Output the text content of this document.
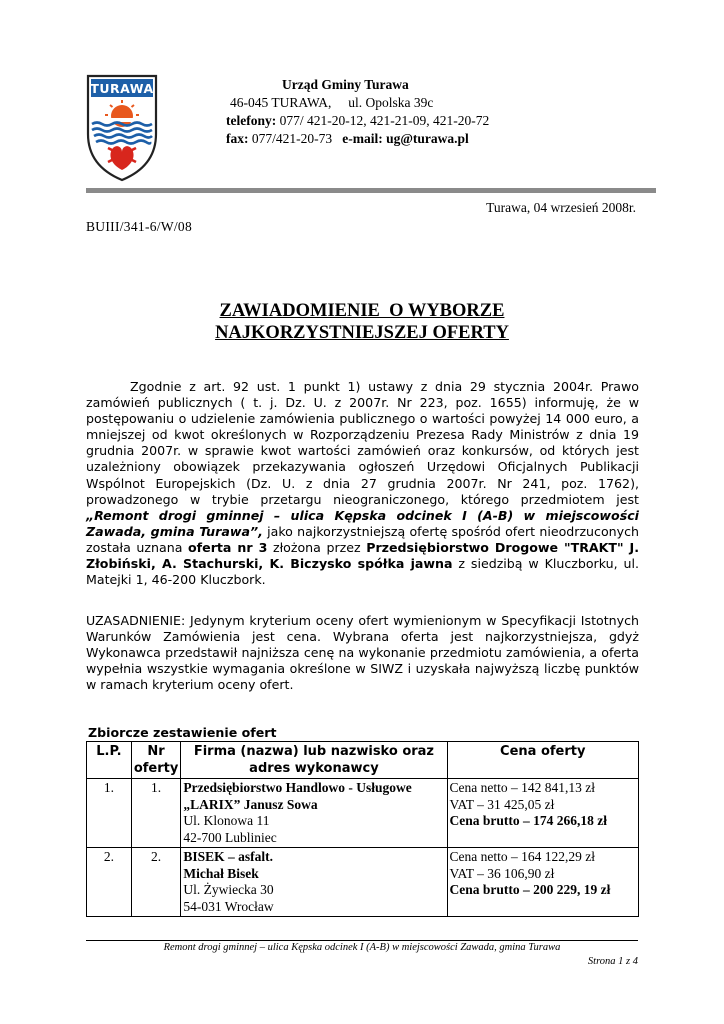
TURAWA	Urząd Gminy Turawa
46-045 TURAWA,     ul. Opolska 39c
telefony: 077/ 421-20-12, 421-21-09, 421-20-72
fax: 077/421-20-73   e-mail: ug@turawa.pl
Turawa, 04 wrzesień 2008r.
BUIII/341-6/W/08
ZAWIADOMIENIE  O WYBORZE
NAJKORZYSTNIEJSZEJ OFERTY
Zgodnie z art. 92 ust. 1 punkt 1) ustawy z dnia 29 stycznia 2004r. Prawo zamówień publicznych ( t. j. Dz. U. z 2007r. Nr 223, poz. 1655) informuję, że w postępowaniu o udzielenie zamówienia publicznego o wartości powyżej 14 000 euro, a mniejszej od kwot określonych w Rozporządzeniu Prezesa Rady Ministrów z dnia 19 grudnia 2007r. w sprawie kwot wartości zamówień oraz konkursów, od których jest uzależniony obowiązek przekazywania ogłoszeń Urzędowi Oficjalnych Publikacji Wspólnot Europejskich (Dz. U. z dnia 27 grudnia 2007r. Nr 241, poz. 1762), prowadzonego w trybie przetargu nieograniczonego, którego przedmiotem jest „Remont drogi gminnej – ulica Kępska odcinek I (A-B) w miejscowości Zawada, gmina Turawa”, jako najkorzystniejszą ofertę spośród ofert nieodrzuconych została uznana oferta nr 3 złożona przez Przedsiębiorstwo Drogowe "TRAKT" J. Złobiński, A. Stachurski, K. Biczysko spółka jawna z siedzibą w Kluczborku, ul. Matejki 1, 46-200 Kluczbork.
UZASADNIENIE: Jedynym kryterium oceny ofert wymienionym w Specyfikacji Istotnych Warunków Zamówienia jest cena. Wybrana oferta jest najkorzystniejsza, gdyż Wykonawca przedstawił najniższa cenę na wykonanie przedmiotu zamówienia, a oferta wypełnia wszystkie wymagania określone w SIWZ i uzyskała najwyższą liczbę punktów w ramach kryterium oceny ofert.
Zbiorcze zestawienie ofert
L.P.	Nr oferty	Firma (nazwa) lub nazwisko oraz adres wykonawcy	Cena oferty
1.	1.	Przedsiębiorstwo Handlowo - Usługowe
„LARIX” Janusz Sowa
Ul. Klonowa 11
42-700 Lubliniec	Cena netto – 142 841,13 zł
VAT – 31 425,05 zł
Cena brutto – 174 266,18 zł

2.	2.	BISEK – asfalt.
Michał Bisek
Ul. Żywiecka 30
54-031 Wrocław	Cena netto – 164 122,29 zł
VAT – 36 106,90 zł
Cena brutto – 200 229, 19 zł
Remont drogi gminnej – ulica Kępska odcinek I (A-B) w miejscowości Zawada, gmina Turawa
Strona 1 z 4
